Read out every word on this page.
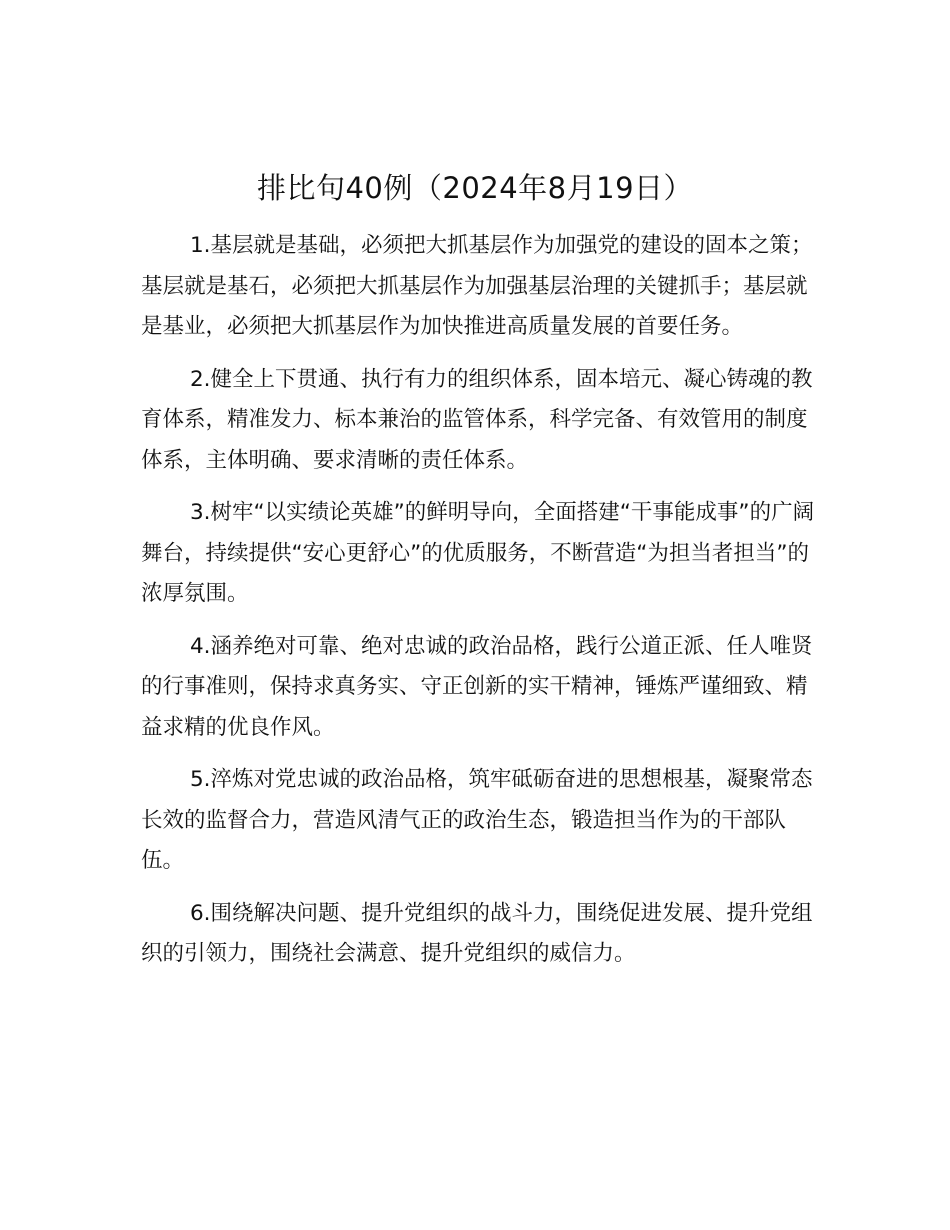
排比句40例（2024年8月19日）

1.基层就是基础，必须把大抓基层作为加强党的建设的固本之策；基层就是基石，必须把大抓基层作为加强基层治理的关键抓手；基层就是基业，必须把大抓基层作为加快推进高质量发展的首要任务。

2.健全上下贯通、执行有力的组织体系，固本培元、凝心铸魂的教育体系，精准发力、标本兼治的监管体系，科学完备、有效管用的制度体系，主体明确、要求清晰的责任体系。

3.树牢“以实绩论英雄”的鲜明导向，全面搭建“干事能成事”的广阔舞台，持续提供“安心更舒心”的优质服务，不断营造“为担当者担当”的浓厚氛围。

4.涵养绝对可靠、绝对忠诚的政治品格，践行公道正派、任人唯贤的行事准则，保持求真务实、守正创新的实干精神，锤炼严谨细致、精益求精的优良作风。

5.淬炼对党忠诚的政治品格，筑牢砥砺奋进的思想根基，凝聚常态长效的监督合力，营造风清气正的政治生态，锻造担当作为的干部队伍。

6.围绕解决问题、提升党组织的战斗力，围绕促进发展、提升党组织的引领力，围绕社会满意、提升党组织的威信力。
